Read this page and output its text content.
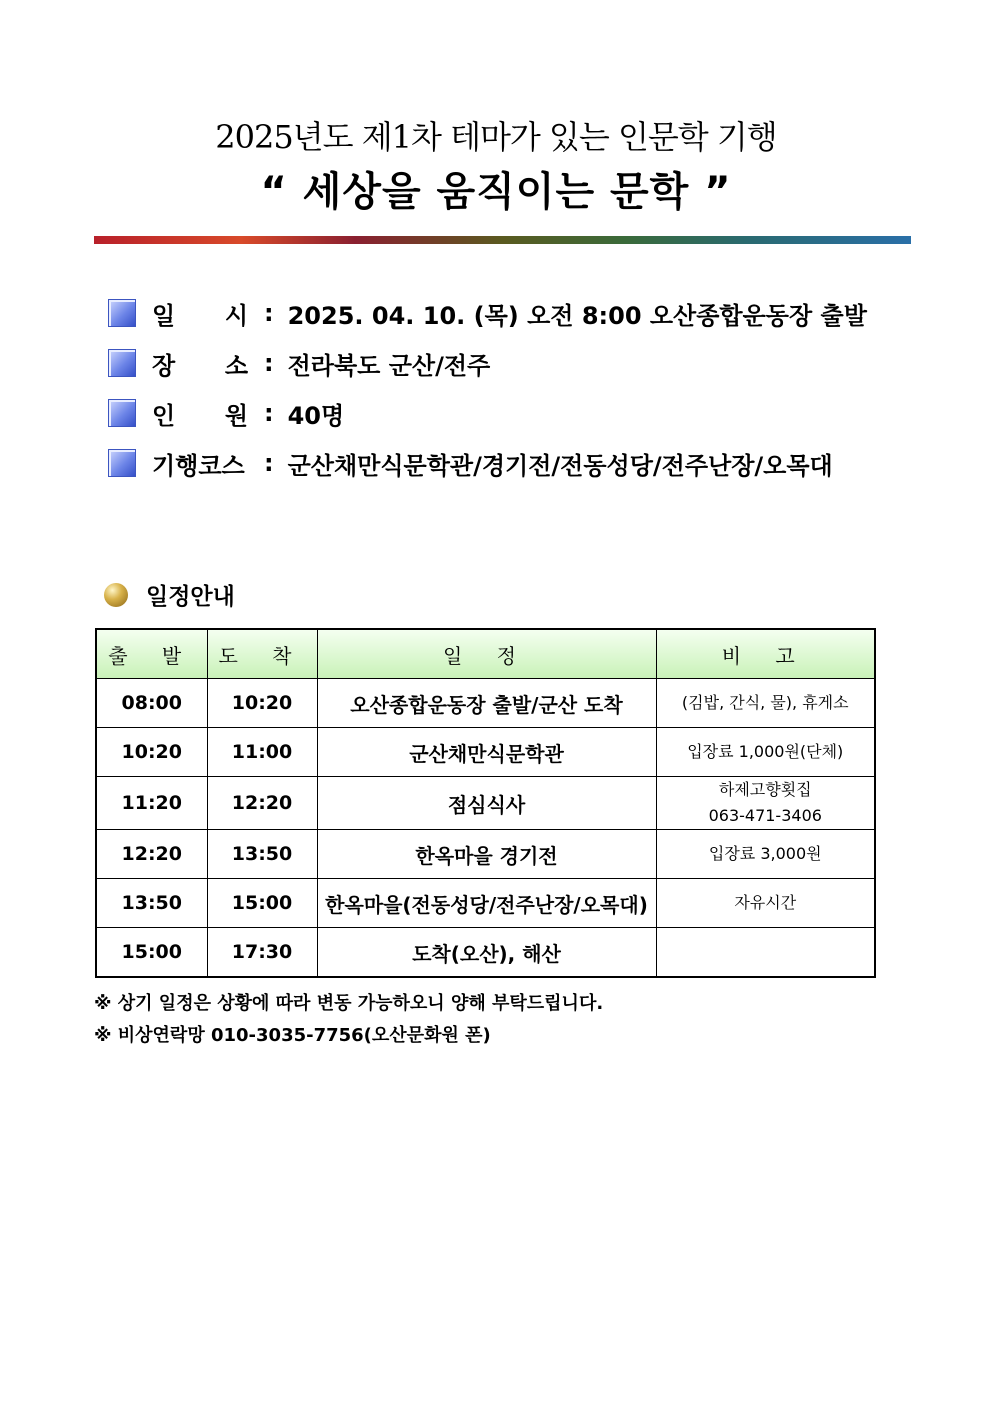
2025년도 제1차 테마가 있는 인문학 기행
“ 세상을 움직이는 문학 ”
일 시 : 2025. 04. 10. (목) 오전 8:00 오산종합운동장 출발
장 소 : 전라북도 군산/전주
인 원 : 40명
기행코스 : 군산채만식문학관/경기전/전동성당/전주난장/오목대
일정안내
출 발	도 착	일 정	비 고
08:00	10:20	오산종합운동장 출발/군산 도착	(김밥, 간식, 물), 휴게소

10:20	11:00	군산채만식문학관	입장료 1,000원(단체)

11:20	12:20	점심식사	하제고향횟집
063-471-3406

12:20	13:50	한옥마을 경기전	입장료 3,000원

13:50	15:00	한옥마을(전동성당/전주난장/오목대)	자유시간

15:00	17:30	도착(오산), 해산	
※ 상기 일정은 상황에 따라 변동 가능하오니 양해 부탁드립니다.
※ 비상연락망 010-3035-7756(오산문화원 폰)
